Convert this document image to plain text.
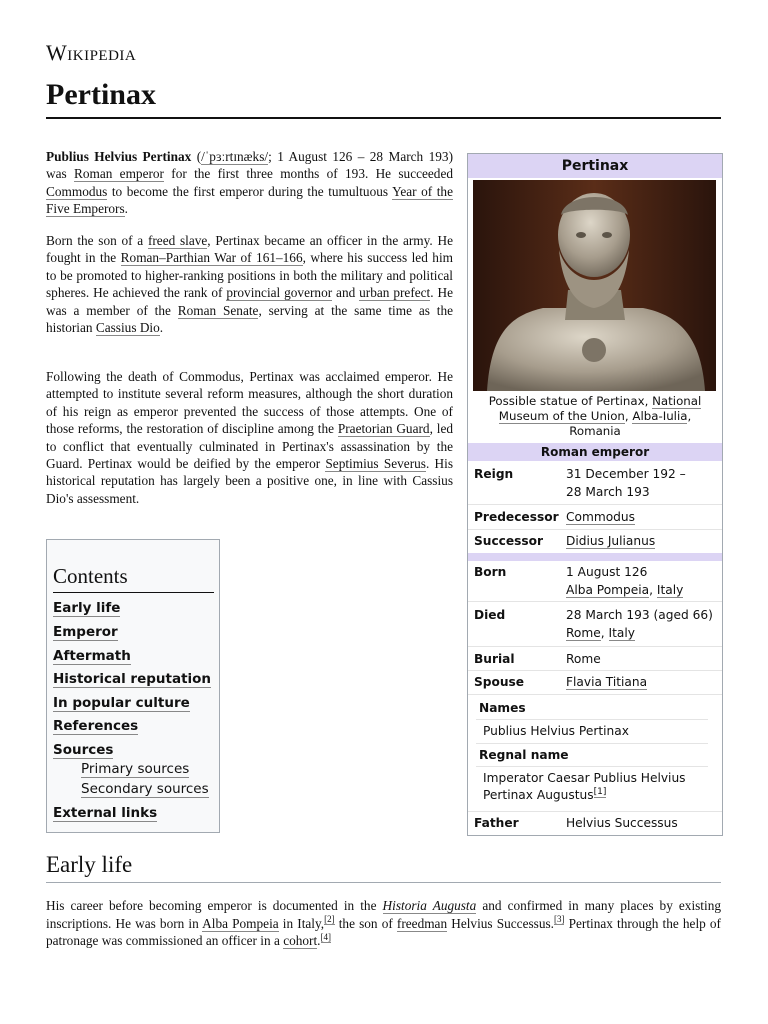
Wikipedia
Pertinax

Publius Helvius Pertinax (/ˈpɜːrtɪnæks/; 1 August 126 – 28 March 193) was Roman emperor for the first three months of 193. He succeeded Commodus to become the first emperor during the tumultuous Year of the Five Emperors.

Born the son of a freed slave, Pertinax became an officer in the army. He fought in the Roman–Parthian War of 161–166, where his success led him to be promoted to higher-ranking positions in both the military and political spheres. He achieved the rank of provincial governor and urban prefect. He was a member of the Roman Senate, serving at the same time as the historian Cassius Dio.

Following the death of Commodus, Pertinax was acclaimed emperor. He attempted to institute several reform measures, although the short duration of his reign as emperor prevented the success of those attempts. One of those reforms, the restoration of discipline among the Praetorian Guard, led to conflict that eventually culminated in Pertinax's assassination by the Guard. Pertinax would be deified by the emperor Septimius Severus. His historical reputation has largely been a positive one, in line with Cassius Dio's assessment.

Contents
Early life
Emperor
Aftermath
Historical reputation
In popular culture
References
Sources
Primary sources
Secondary sources
External links
Pertinax
Possible statue of Pertinax, National Museum of the Union, Alba-Iulia, Romania
Roman emperor
Reign	31 December 192 –
28 March 193
Predecessor Commodus
Successor Didius Julianus
Born	1 August 126
Alba Pompeia, Italy
Died	28 March 193 (aged 66)
Rome, Italy
Burial	Rome
Spouse	Flavia Titiana
Names
Publius Helvius Pertinax
Regnal name
Imperator Caesar Publius Helvius Pertinax Augustus[1]
Father	Helvius Successus
Early life

His career before becoming emperor is documented in the Historia Augusta and confirmed in many places by existing inscriptions. He was born in Alba Pompeia in Italy,[2] the son of freedman Helvius Successus.[3] Pertinax through the help of patronage was commissioned an officer in a cohort.[4]
